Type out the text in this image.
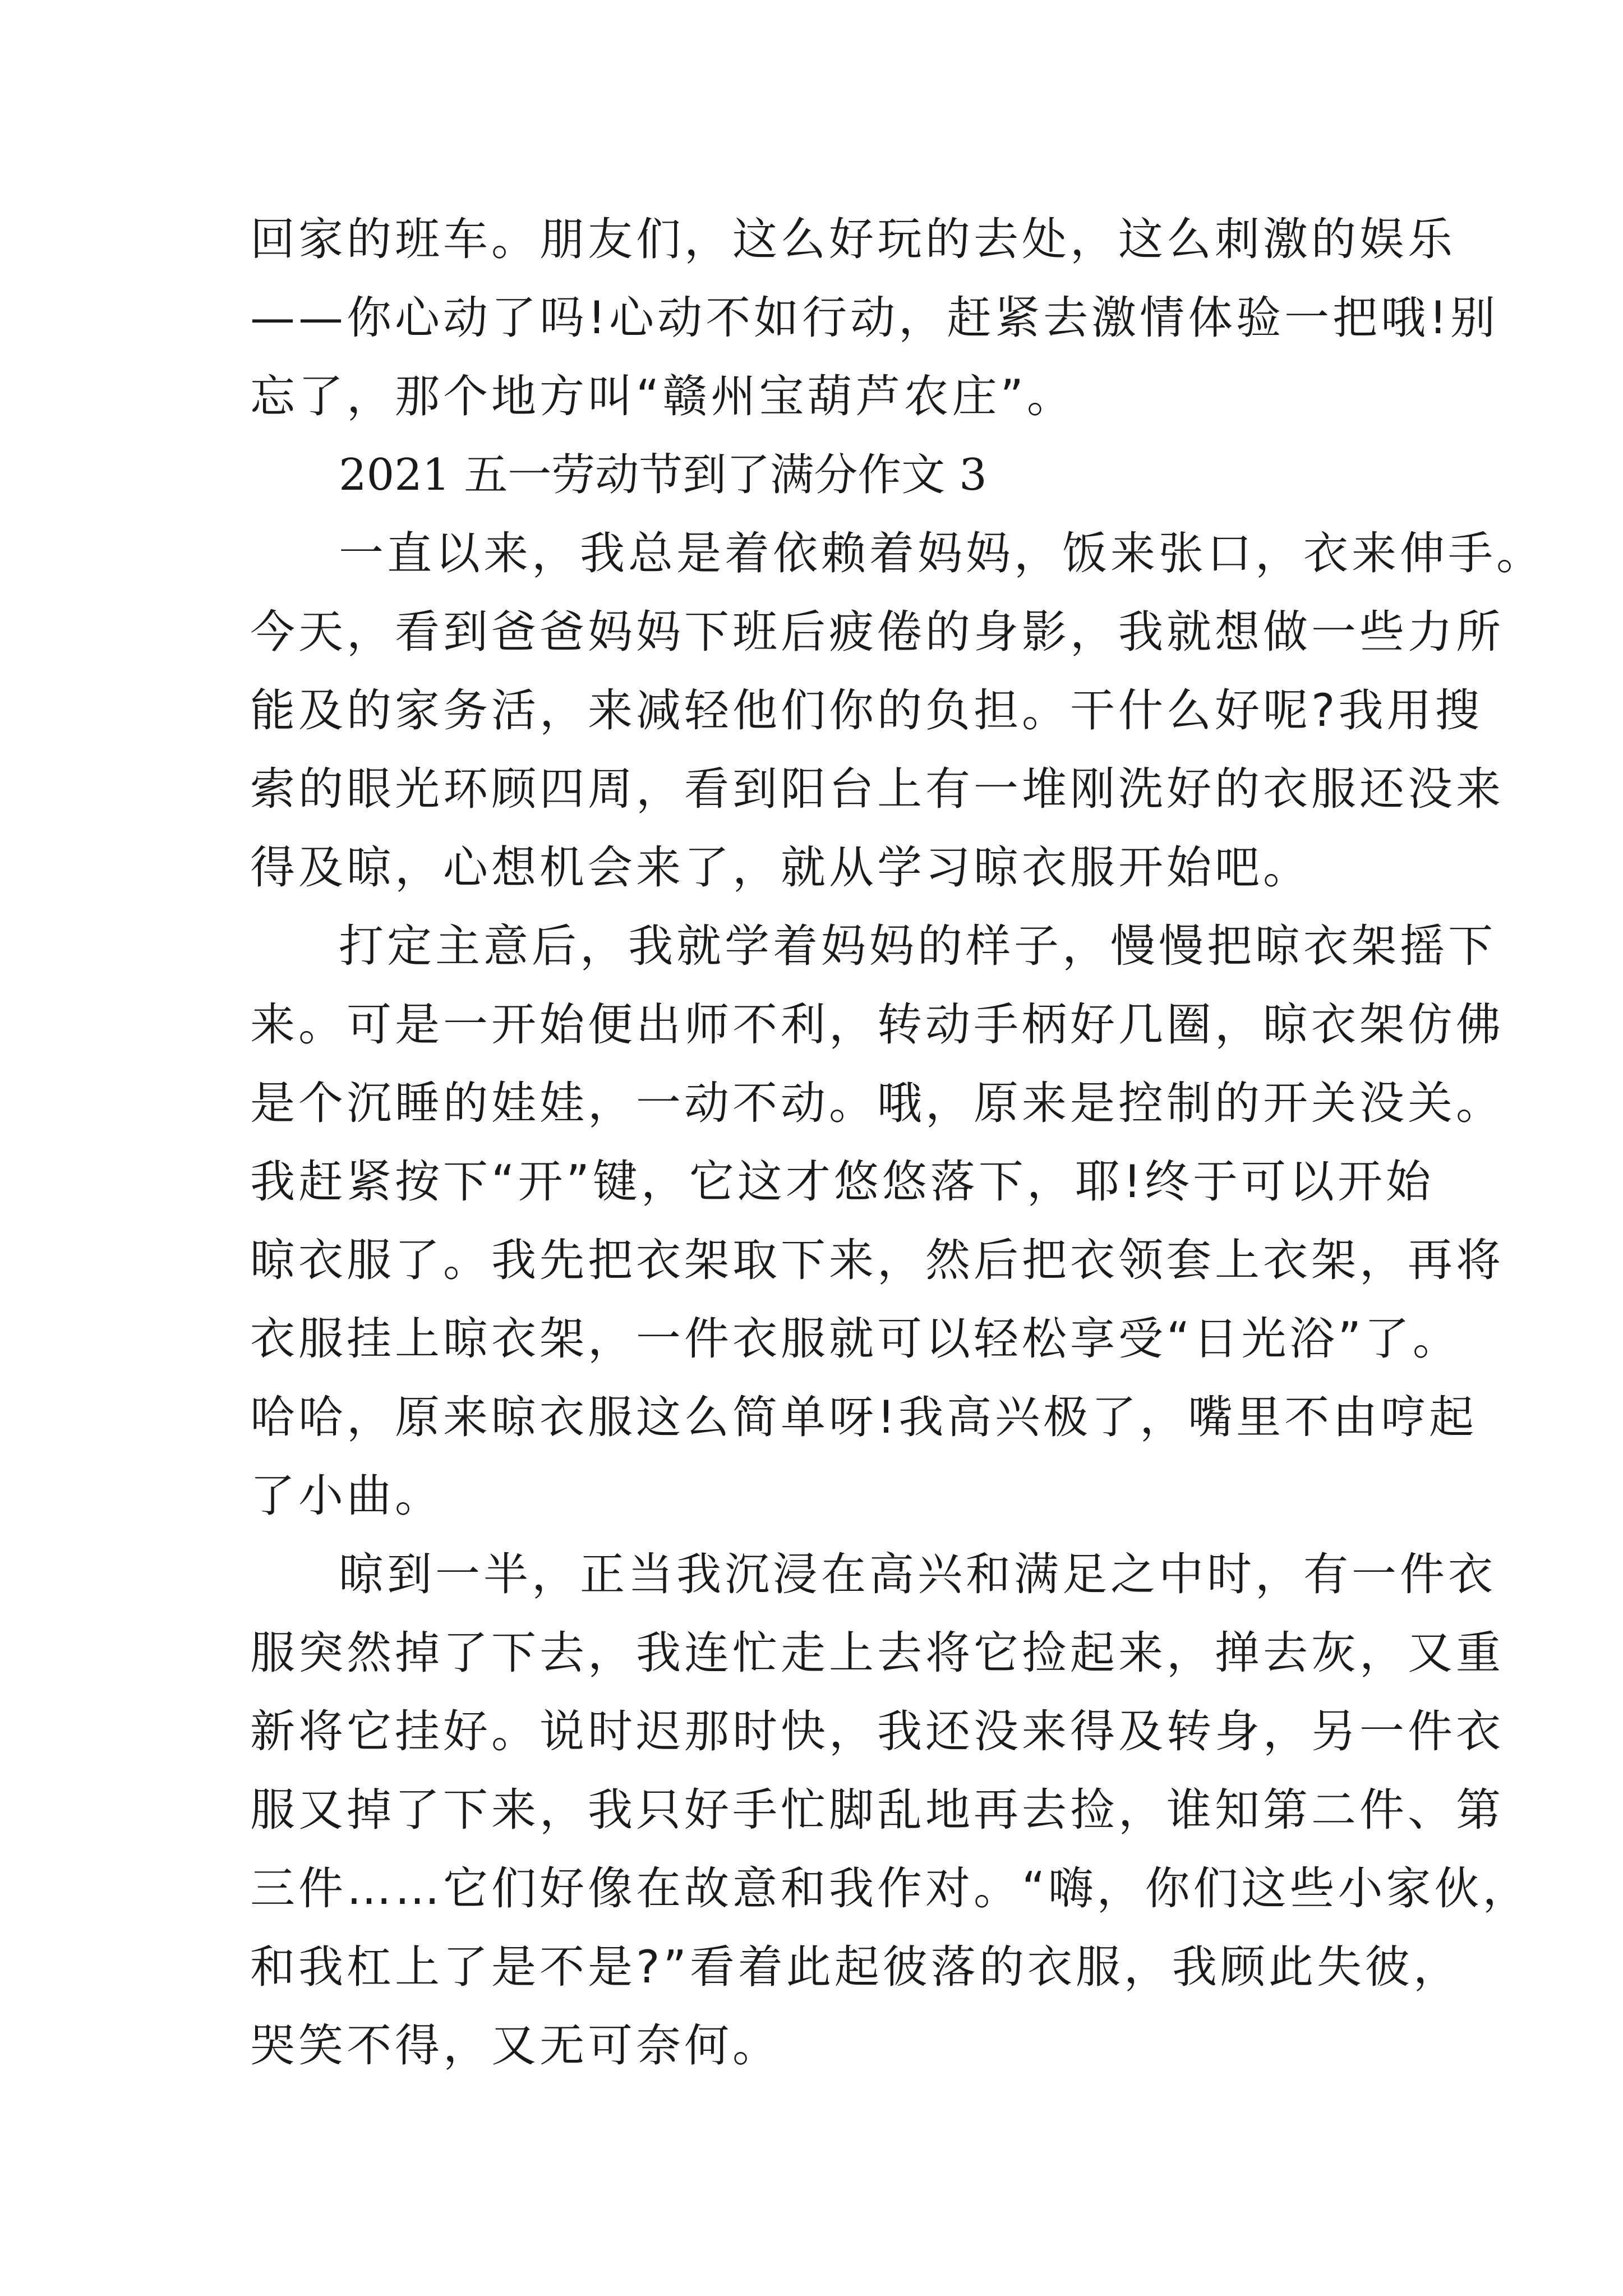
回家的班车。朋友们，这么好玩的去处，这么刺激的娱乐
——你心动了吗!心动不如行动，赶紧去激情体验一把哦!别
忘了，那个地方叫“赣州宝葫芦农庄”。
2021 五一劳动节到了满分作文 3
一直以来，我总是着依赖着妈妈，饭来张口，衣来伸手。
今天，看到爸爸妈妈下班后疲倦的身影，我就想做一些力所
能及的家务活，来减轻他们你的负担。干什么好呢?我用搜
索的眼光环顾四周，看到阳台上有一堆刚洗好的衣服还没来
得及晾，心想机会来了，就从学习晾衣服开始吧。
打定主意后，我就学着妈妈的样子，慢慢把晾衣架摇下
来。可是一开始便出师不利，转动手柄好几圈，晾衣架仿佛
是个沉睡的娃娃，一动不动。哦，原来是控制的开关没关。
我赶紧按下“开”键，它这才悠悠落下，耶!终于可以开始
晾衣服了。我先把衣架取下来，然后把衣领套上衣架，再将
衣服挂上晾衣架，一件衣服就可以轻松享受“日光浴”了。
哈哈，原来晾衣服这么简单呀!我高兴极了，嘴里不由哼起
了小曲。
晾到一半，正当我沉浸在高兴和满足之中时，有一件衣
服突然掉了下去，我连忙走上去将它捡起来，掸去灰，又重
新将它挂好。说时迟那时快，我还没来得及转身，另一件衣
服又掉了下来，我只好手忙脚乱地再去捡，谁知第二件、第
三件……它们好像在故意和我作对。“嗨，你们这些小家伙，
和我杠上了是不是?”看着此起彼落的衣服，我顾此失彼，
哭笑不得，又无可奈何。
